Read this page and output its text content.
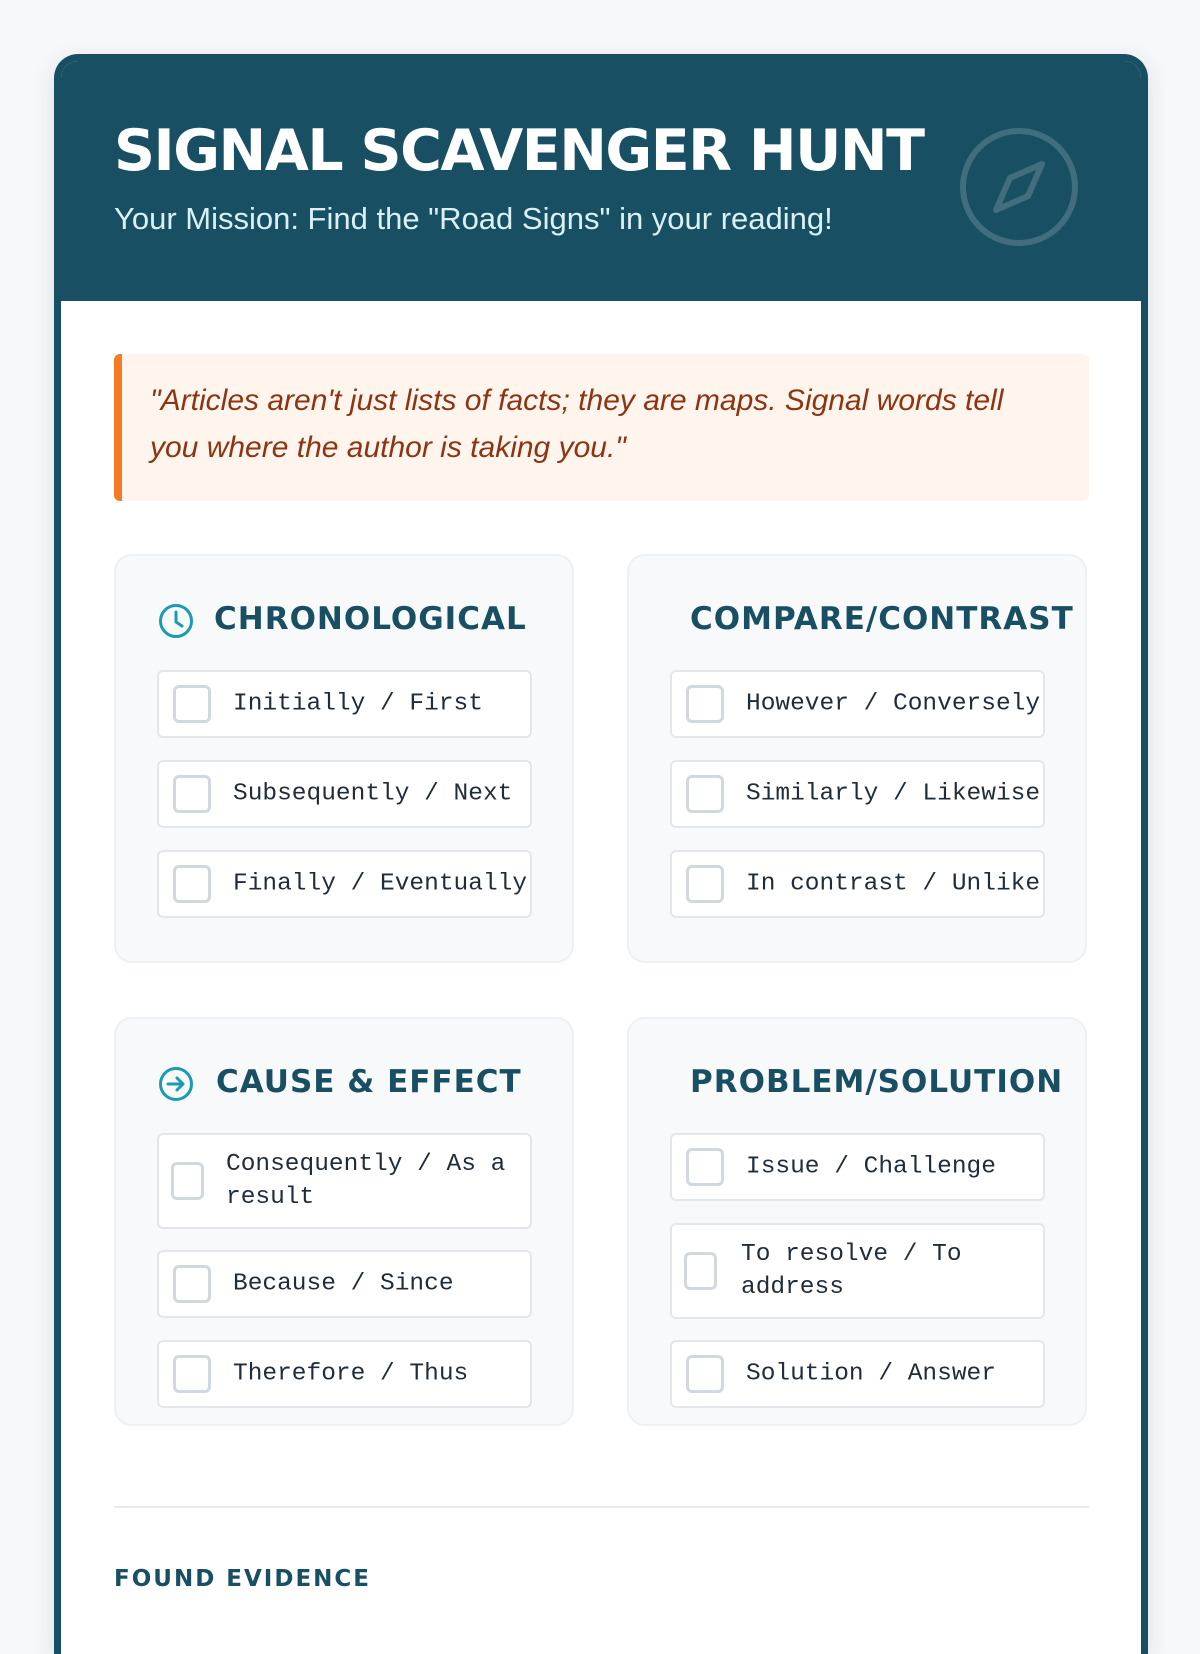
SIGNAL SCAVENGER HUNT

Your Mission: Find the "Road Signs" in your reading!

"Articles aren't just lists of facts; they are maps. Signal words tell you where the author is taking you."

CHRONOLOGICAL
Initially / First
Subsequently / Next
Finally / Eventually
COMPARE/CONTRAST
However / Conversely
Similarly / Likewise
In contrast / Unlike
CAUSE & EFFECT
Consequently / As a result
Because / Since
Therefore / Thus
PROBLEM/SOLUTION
Issue / Challenge
To resolve / To address
Solution / Answer
FOUND EVIDENCE
